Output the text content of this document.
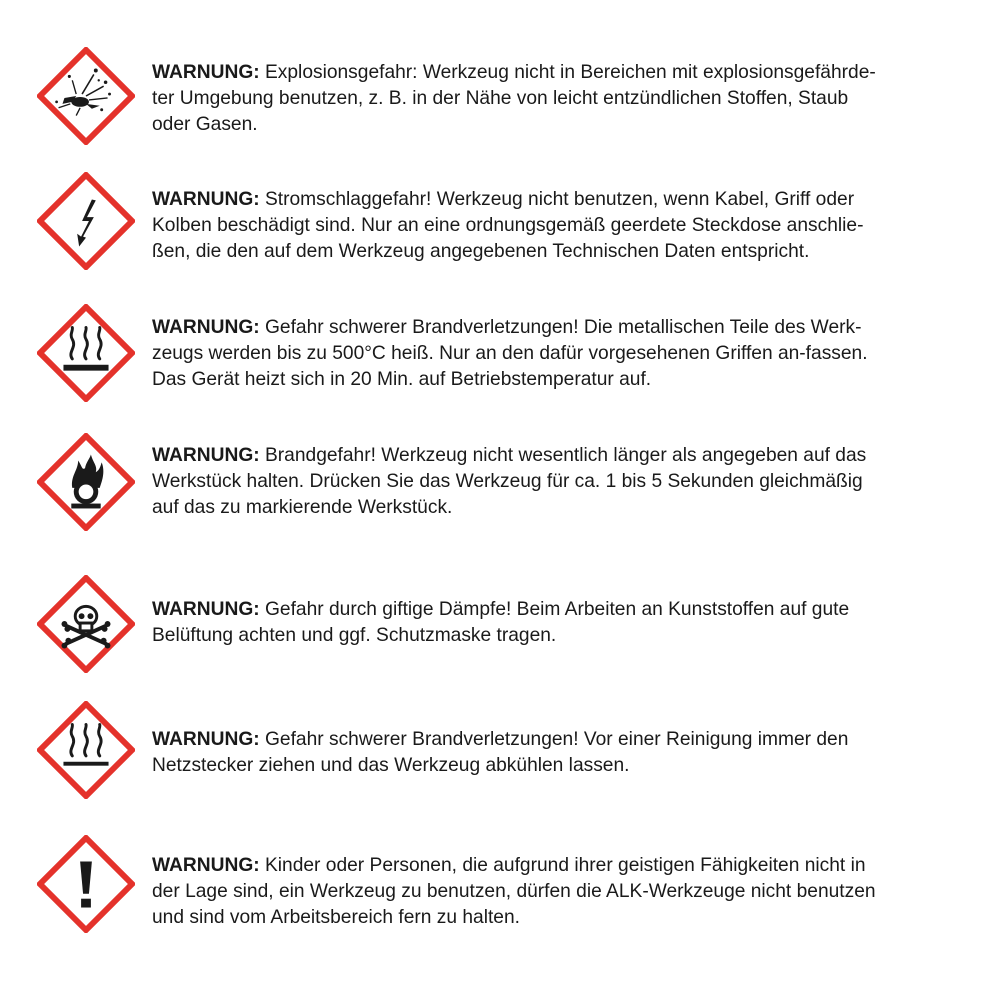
WARNUNG: Explosionsgefahr: Werkzeug nicht in Bereichen mit explosionsgefährde-
ter Umgebung benutzen, z. B. in der Nähe von leicht entzündlichen Stoffen, Staub
oder Gasen.

WARNUNG: Stromschlaggefahr! Werkzeug nicht benutzen, wenn Kabel, Griff oder
Kolben beschädigt sind. Nur an eine ordnungsgemäß geerdete Steckdose anschlie-
ßen, die den auf dem Werkzeug angegebenen Technischen Daten entspricht.

WARNUNG: Gefahr schwerer Brandverletzungen! Die metallischen Teile des Werk-
zeugs werden bis zu 500°C heiß. Nur an den dafür vorgesehenen Griffen an-fassen.
Das Gerät heizt sich in 20 Min. auf Betriebstemperatur auf.

WARNUNG: Brandgefahr! Werkzeug nicht wesentlich länger als angegeben auf das
Werkstück halten. Drücken Sie das Werkzeug für ca. 1 bis 5 Sekunden gleichmäßig
auf das zu markierende Werkstück.

WARNUNG: Gefahr durch giftige Dämpfe! Beim Arbeiten an Kunststoffen auf gute
Belüftung achten und ggf. Schutzmaske tragen.

WARNUNG: Gefahr schwerer Brandverletzungen! Vor einer Reinigung immer den
Netzstecker ziehen und das Werkzeug abkühlen lassen.

WARNUNG: Kinder oder Personen, die aufgrund ihrer geistigen Fähigkeiten nicht in
der Lage sind, ein Werkzeug zu benutzen, dürfen die ALK-Werkzeuge nicht benutzen
und sind vom Arbeitsbereich fern zu halten.
